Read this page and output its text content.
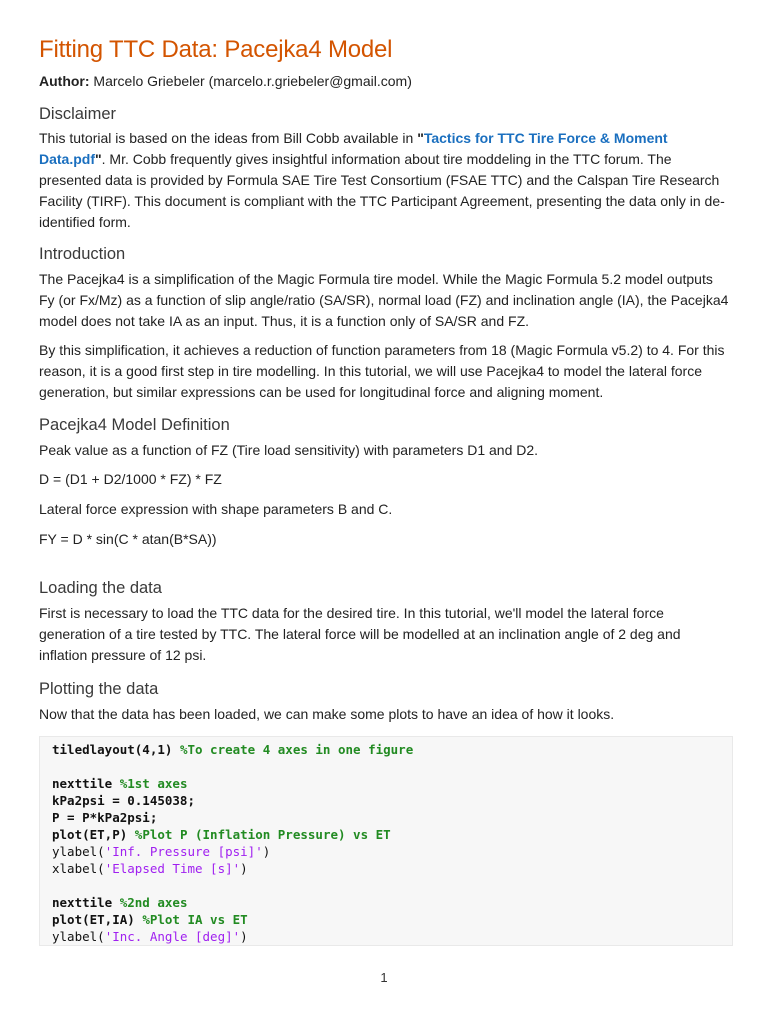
Fitting TTC Data: Pacejka4 Model
Author: Marcelo Griebeler (marcelo.r.griebeler@gmail.com)
Disclaimer

This tutorial is based on the ideas from Bill Cobb available in "Tactics for TTC Tire Force & Moment Data.pdf". Mr. Cobb frequently gives insightful information about tire moddeling in the TTC forum. The presented data is provided by Formula SAE Tire Test Consortium (FSAE TTC) and the Calspan Tire Research Facility (TIRF). This document is compliant with the TTC Participant Agreement, presenting the data only in de-identified form.

Introduction

The Pacejka4 is a simplification of the Magic Formula tire model. While the Magic Formula 5.2 model outputs Fy (or Fx/Mz) as a function of slip angle/ratio (SA/SR), normal load (FZ) and inclination angle (IA), the Pacejka4 model does not take IA as an input. Thus, it is a function only of SA/SR and FZ.

By this simplification, it achieves a reduction of function parameters from 18 (Magic Formula v5.2) to 4. For this reason, it is a good first step in tire modelling. In this tutorial, we will use Pacejka4 to model the lateral force generation, but similar expressions can be used for longitudinal force and aligning moment.

Pacejka4 Model Definition

Peak value as a function of FZ (Tire load sensitivity) with parameters D1 and D2.

D = (D1 + D2/1000 * FZ) * FZ

Lateral force expression with shape parameters B and C.

FY = D * sin(C * atan(B*SA))

Loading the data

First is necessary to load the TTC data for the desired tire. In this tutorial, we'll model the lateral force generation of a tire tested by TTC. The lateral force will be modelled at an inclination angle of 2 deg and inflation pressure of 12 psi.

Plotting the data

Now that the data has been loaded, we can make some plots to have an idea of how it looks.

tiledlayout(4,1) %To create 4 axes in one figure

nexttile %1st axes
kPa2psi = 0.145038;
P = P*kPa2psi;
plot(ET,P) %Plot P (Inflation Pressure) vs ET
ylabel('Inf. Pressure [psi]')
xlabel('Elapsed Time [s]')

nexttile %2nd axes
plot(ET,IA) %Plot IA vs ET
ylabel('Inc. Angle [deg]')
1
